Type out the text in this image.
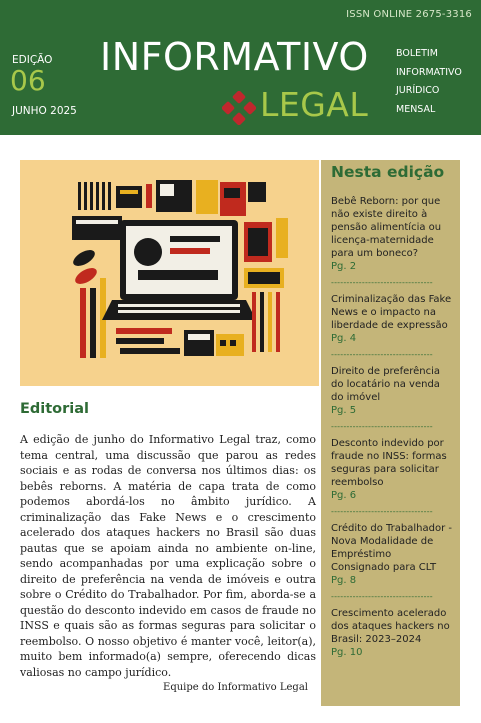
ISSN ONLINE 2675-3316
EDIÇÃO
06
JUNHO 2025
INFORMATIVO
LEGAL
BOLETIM
INFORMATIVO
JURÍDICO
MENSAL
Editorial

A edição de junho do Informativo Legal traz, como tema central, uma discussão que parou as redes sociais e as rodas de conversa nos últimos dias: os bebês reborns. A matéria de capa trata de como podemos abordá-los no âmbito jurídico. A criminalização das Fake News e o crescimento acelerado dos ataques hackers no Brasil são duas pautas que se apoiam ainda no ambiente on-line, sendo acompanhadas por uma explicação sobre o direito de preferência na venda de imóveis e outra sobre o Crédito do Trabalhador. Por fim, aborda-se a questão do desconto indevido em casos de fraude no INSS e quais são as formas seguras para solicitar o reembolso. O nosso objetivo é manter você, leitor(a), muito bem informado(a) sempre, oferecendo dicas valiosas no campo jurídico.

Equipe do Informativo Legal
Nesta edição
Bebê Reborn: por que não existe direito à pensão alimentícia ou licença-maternidade para um boneco?
Pg. 2
---------------------------------
Criminalização das Fake News e o impacto na liberdade de expressão
Pg. 4
---------------------------------
Direito de preferência do locatário na venda do imóvel
Pg. 5
---------------------------------
Desconto indevido por fraude no INSS: formas seguras para solicitar reembolso
Pg. 6
---------------------------------
Crédito do Trabalhador - Nova Modalidade de Empréstimo Consignado para CLT
Pg. 8
---------------------------------
Crescimento acelerado dos ataques hackers no Brasil: 2023–2024
Pg. 10
